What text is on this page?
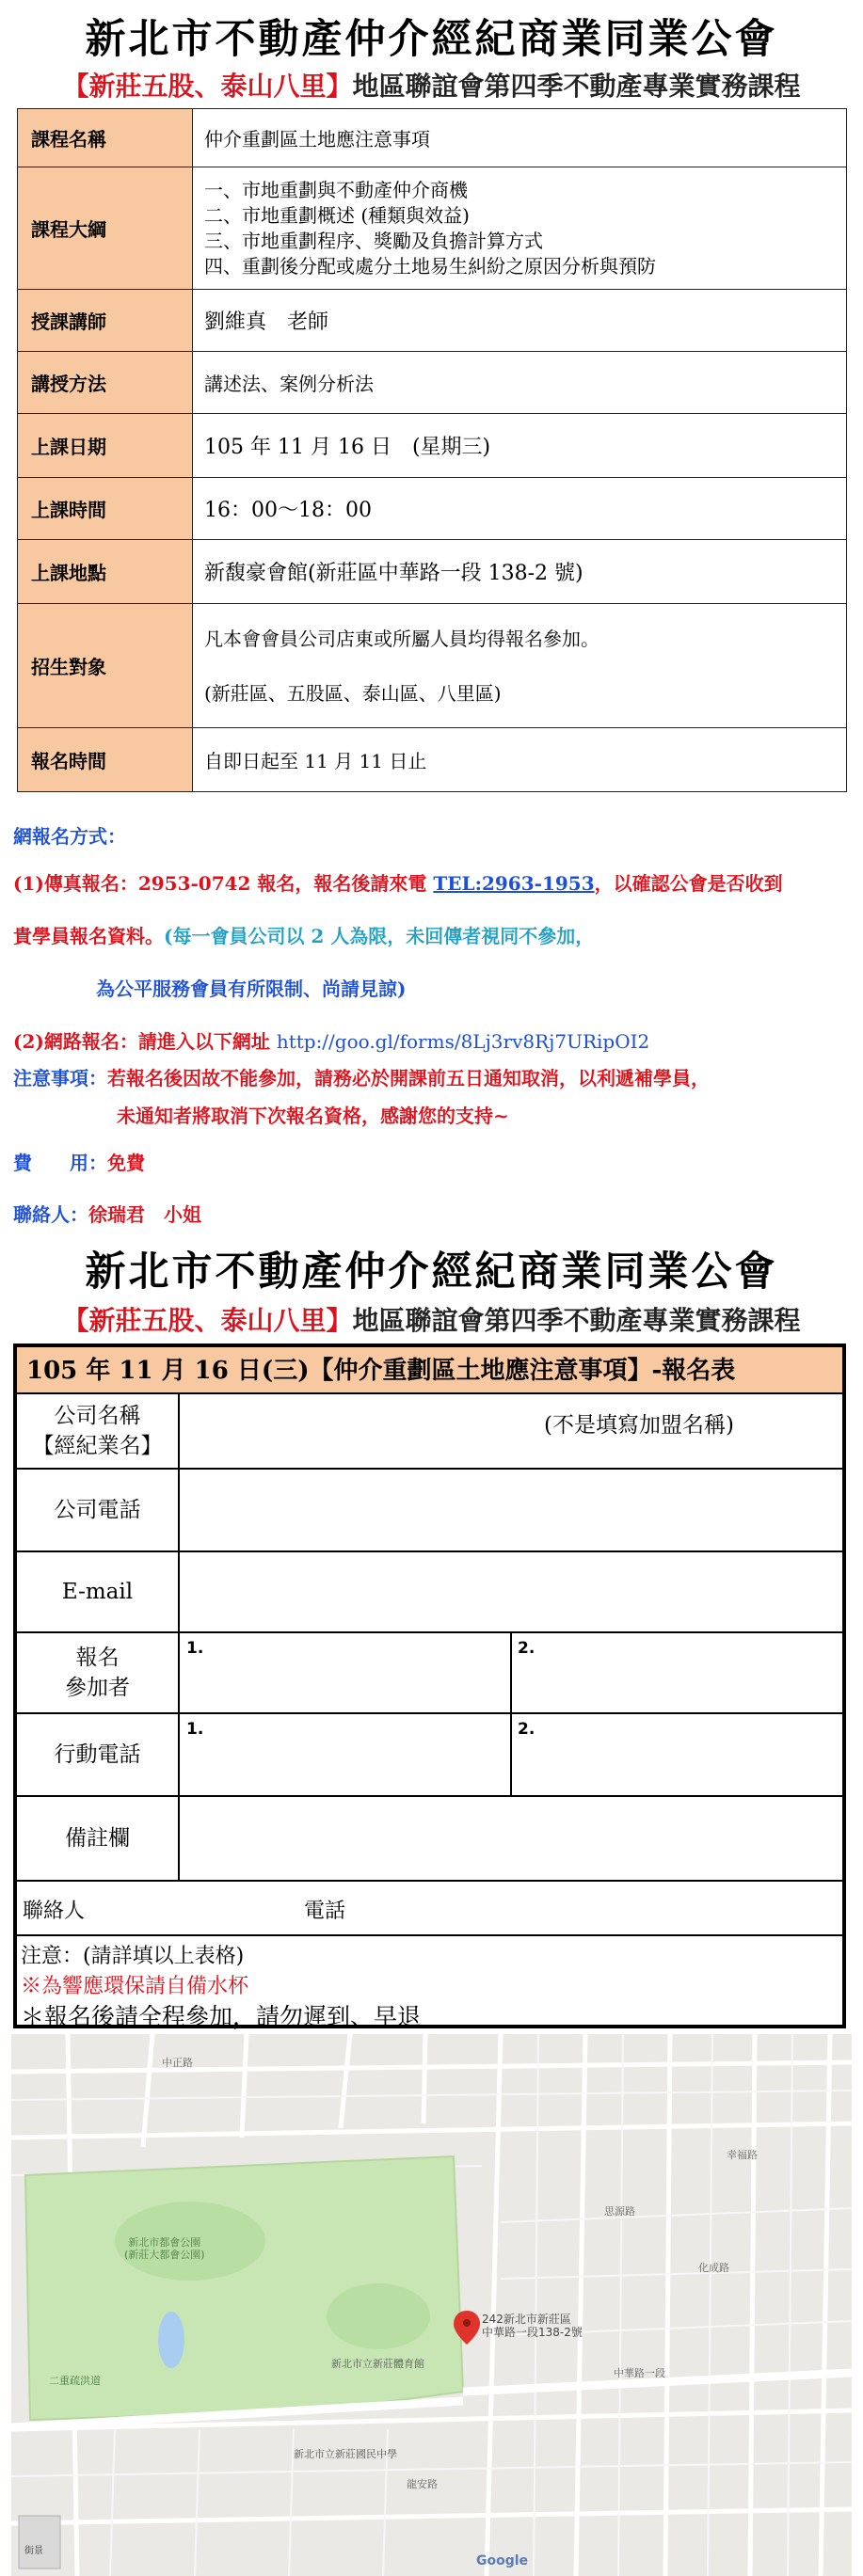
新北市不動產仲介經紀商業同業公會
【新莊五股、泰山八里】地區聯誼會第四季不動產專業實務課程
課程名稱	仲介重劃區土地應注意事項
課程大綱	一、市地重劃與不動產仲介商機
二、市地重劃概述 (種類與效益)
三、市地重劃程序、獎勵及負擔計算方式
四、重劃後分配或處分土地易生糾紛之原因分析與預防

授課講師	劉維真　老師
講授方法	講述法、案例分析法
上課日期	105 年 11 月 16 日　(星期三)
上課時間	16：00～18：00
上課地點	新馥豪會館(新莊區中華路一段 138-2 號)
招生對象	凡本會會員公司店東或所屬人員均得報名參加。
(新莊區、五股區、泰山區、八里區)

報名時間	自即日起至 11 月 11 日止
網報名方式：
(1)傳真報名：2953-0742 報名，報名後請來電 TEL:2963-1953，以確認公會是否收到
貴學員報名資料。(每一會員公司以 2 人為限，未回傳者視同不參加，
為公平服務會員有所限制、尚請見諒)
(2)網路報名：請進入以下網址 http://goo.gl/forms/8Lj3rv8Rj7URipOI2
注意事項：若報名後因故不能參加，請務必於開課前五日通知取消，以利遞補學員，
未通知者將取消下次報名資格，感謝您的支持~
費　　用：免費
聯絡人：徐瑞君　小姐
新北市不動產仲介經紀商業同業公會
【新莊五股、泰山八里】地區聯誼會第四季不動產專業實務課程
105 年 11 月 16 日(三)【仲介重劃區土地應注意事項】-報名表
公司名稱
【經紀業名】
(不是填寫加盟名稱)
公司電話
E-mail
報名
參加者
1.	2.
行動電話
1.	2.
備註欄
聯絡人	電話
注意：(請詳填以上表格)
※為響應環保請自備水杯
＊報名後請全程參加，請勿遲到、早退
242新北市新莊區
中華路一段138-2號
新北市都會公園
(新莊大都會公園)
二重疏洪道
新北市立新莊體育館
新北市立新莊國民中學
中華路一段
中正路
思源路
化成路
幸福路
龍安路
街景
Google
